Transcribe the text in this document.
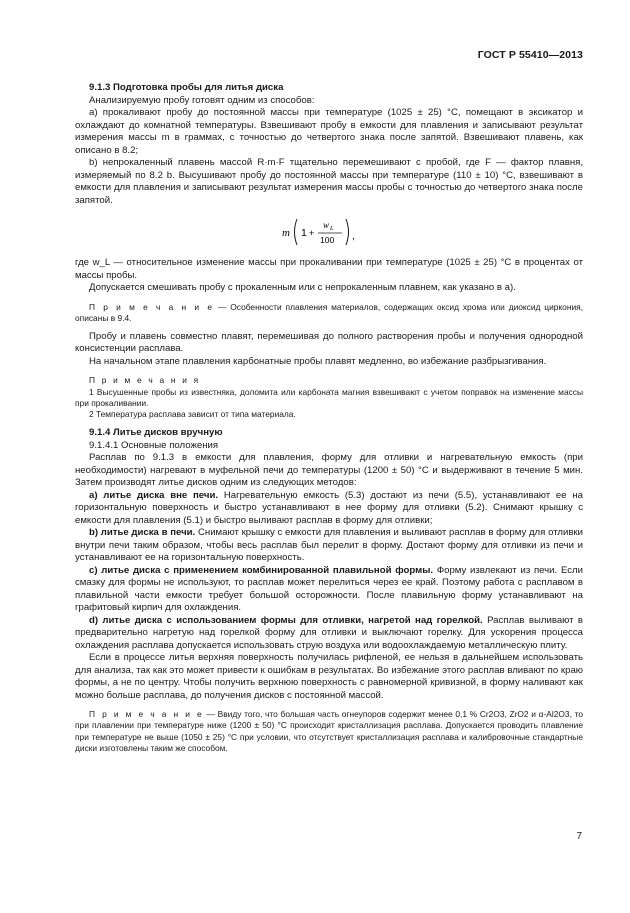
ГОСТ Р 55410—2013

9.1.3 Подготовка пробы для литья диска

Анализируемую пробу готовят одним из способов:

а) прокаливают пробу до постоянной массы при температуре (1025 ± 25) °С, помещают в эксикатор и охлаждают до комнатной температуры. Взвешивают пробу в емкости для плавления и записывают результат измерения массы m в граммах, с точностью до четвертого знака после запятой. Взвешивают плавень, как описано в 8.2;

b) непрокаленный плавень массой R·m·F тщательно перемешивают с пробой, где F — фактор плавня, измеряемый по 8.2 b. Высушивают пробу до постоянной массы при температуре (110 ± 10) °С, взвешивают в емкости для плавления и записывают результат измерения массы пробы с точностью до четвертого знака после запятой.

m 1 +
w L
100 ,

где w_L — относительное изменение массы при прокаливании при температуре (1025 ± 25) °С в процентах от массы пробы.

Допускается смешивать пробу с прокаленным или с непрокаленным плавнем, как указано в а).

П р и м е ч а н и е — Особенности плавления материалов, содержащих оксид хрома или диоксид циркония, описаны в 9.4.

Пробу и плавень совместно плавят, перемешивая до полного растворения пробы и получения однородной консистенции расплава.

На начальном этапе плавления карбонатные пробы плавят медленно, во избежание разбрызгивания.

П р и м е ч а н и я

1 Высушенные пробы из известняка, доломита или карбоната магния взвешивают с учетом поправок на изменение массы при прокаливании.

2 Температура расплава зависит от типа материала.

9.1.4 Литье дисков вручную

9.1.4.1 Основные положения

Расплав по 9.1.3 в емкости для плавления, форму для отливки и нагревательную емкость (при необходимости) нагревают в муфельной печи до температуры (1200 ± 50) °С и выдерживают в течение 5 мин. Затем производят литье дисков одним из следующих методов:

а) литье диска вне печи. Нагревательную емкость (5.3) достают из печи (5.5), устанавливают ее на горизонтальную поверхность и быстро устанавливают в нее форму для отливки (5.2). Снимают крышку с емкости для плавления (5.1) и быстро выливают расплав в форму для отливки;

b) литье диска в печи. Снимают крышку с емкости для плавления и выливают расплав в форму для отливки внутри печи таким образом, чтобы весь расплав был перелит в форму. Достают форму для отливки из печи и устанавливают ее на горизонтальную поверхность.

с) литье диска с применением комбинированной плавильной формы. Форму извлекают из печи. Если смазку для формы не используют, то расплав может перелиться через ее край. Поэтому работа с расплавом в плавильной части емкости требует большой осторожности. После плавильную форму устанавливают на графитовый кирпич для охлаждения.

d) литье диска с использованием формы для отливки, нагретой над горелкой. Расплав выливают в предварительно нагретую над горелкой форму для отливки и выключают горелку. Для ускорения процесса охлаждения расплава допускается использовать струю воздуха или водоохлаждаемую металлическую плиту.

Если в процессе литья верхняя поверхность получилась рифленой, ее нельзя в дальнейшем использовать для анализа, так как это может привести к ошибкам в результатах. Во избежание этого расплав вливают по краю формы, а не по центру. Чтобы получить верхнюю поверхность с равномерной кривизной, в форму наливают как можно больше расплава, до получения дисков с постоянной массой.

П р и м е ч а н и е — Ввиду того, что большая часть огнеупоров содержит менее 0,1 % Cr2O3, ZrO2 и α-Al2O3, то при плавлении при температуре ниже (1200 ± 50) °С происходит кристаллизация расплава. Допускается проводить плавление при температуре не выше (1050 ± 25) °С при условии, что отсутствует кристаллизация расплава и калибровочные стандартные диски изготовлены таким же способом.

7
